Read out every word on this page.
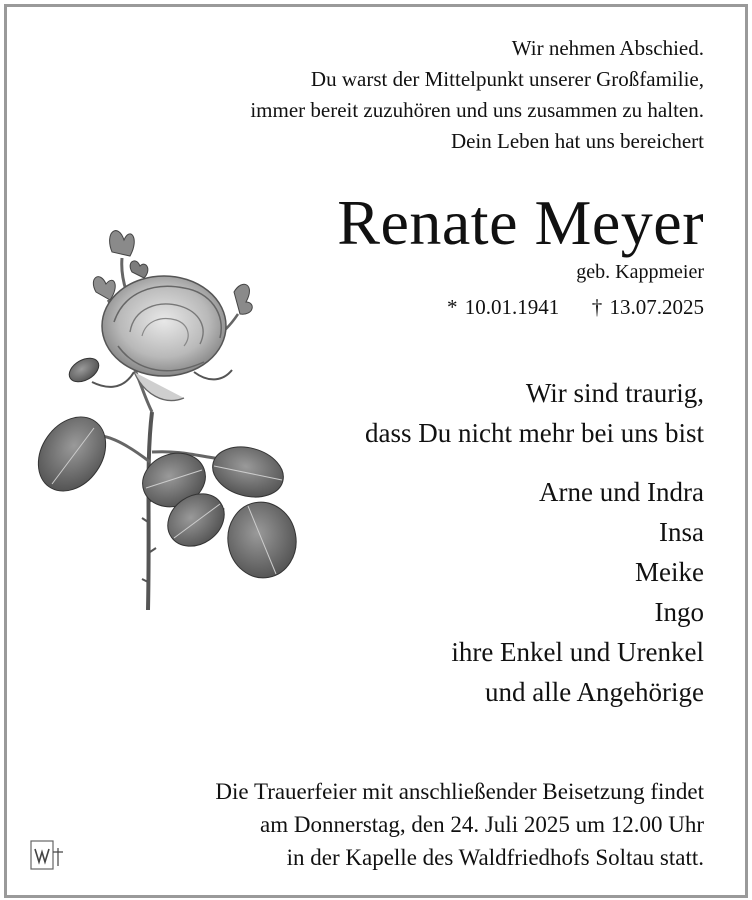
Wir nehmen Abschied.
Du warst der Mittelpunkt unserer Großfamilie,
immer bereit zuzuhören und uns zusammen zu halten.
Dein Leben hat uns bereichert
Renate Meyer
geb. Kappmeier
* 10.01.1941 † 13.07.2025
Wir sind traurig,
dass Du nicht mehr bei uns bist
Arne und Indra
Insa
Meike
Ingo
ihre Enkel und Urenkel
und alle Angehörige
Die Trauerfeier mit anschließender Beisetzung findet
am Donnerstag, den 24. Juli 2025 um 12.00 Uhr
in der Kapelle des Waldfriedhofs Soltau statt.
